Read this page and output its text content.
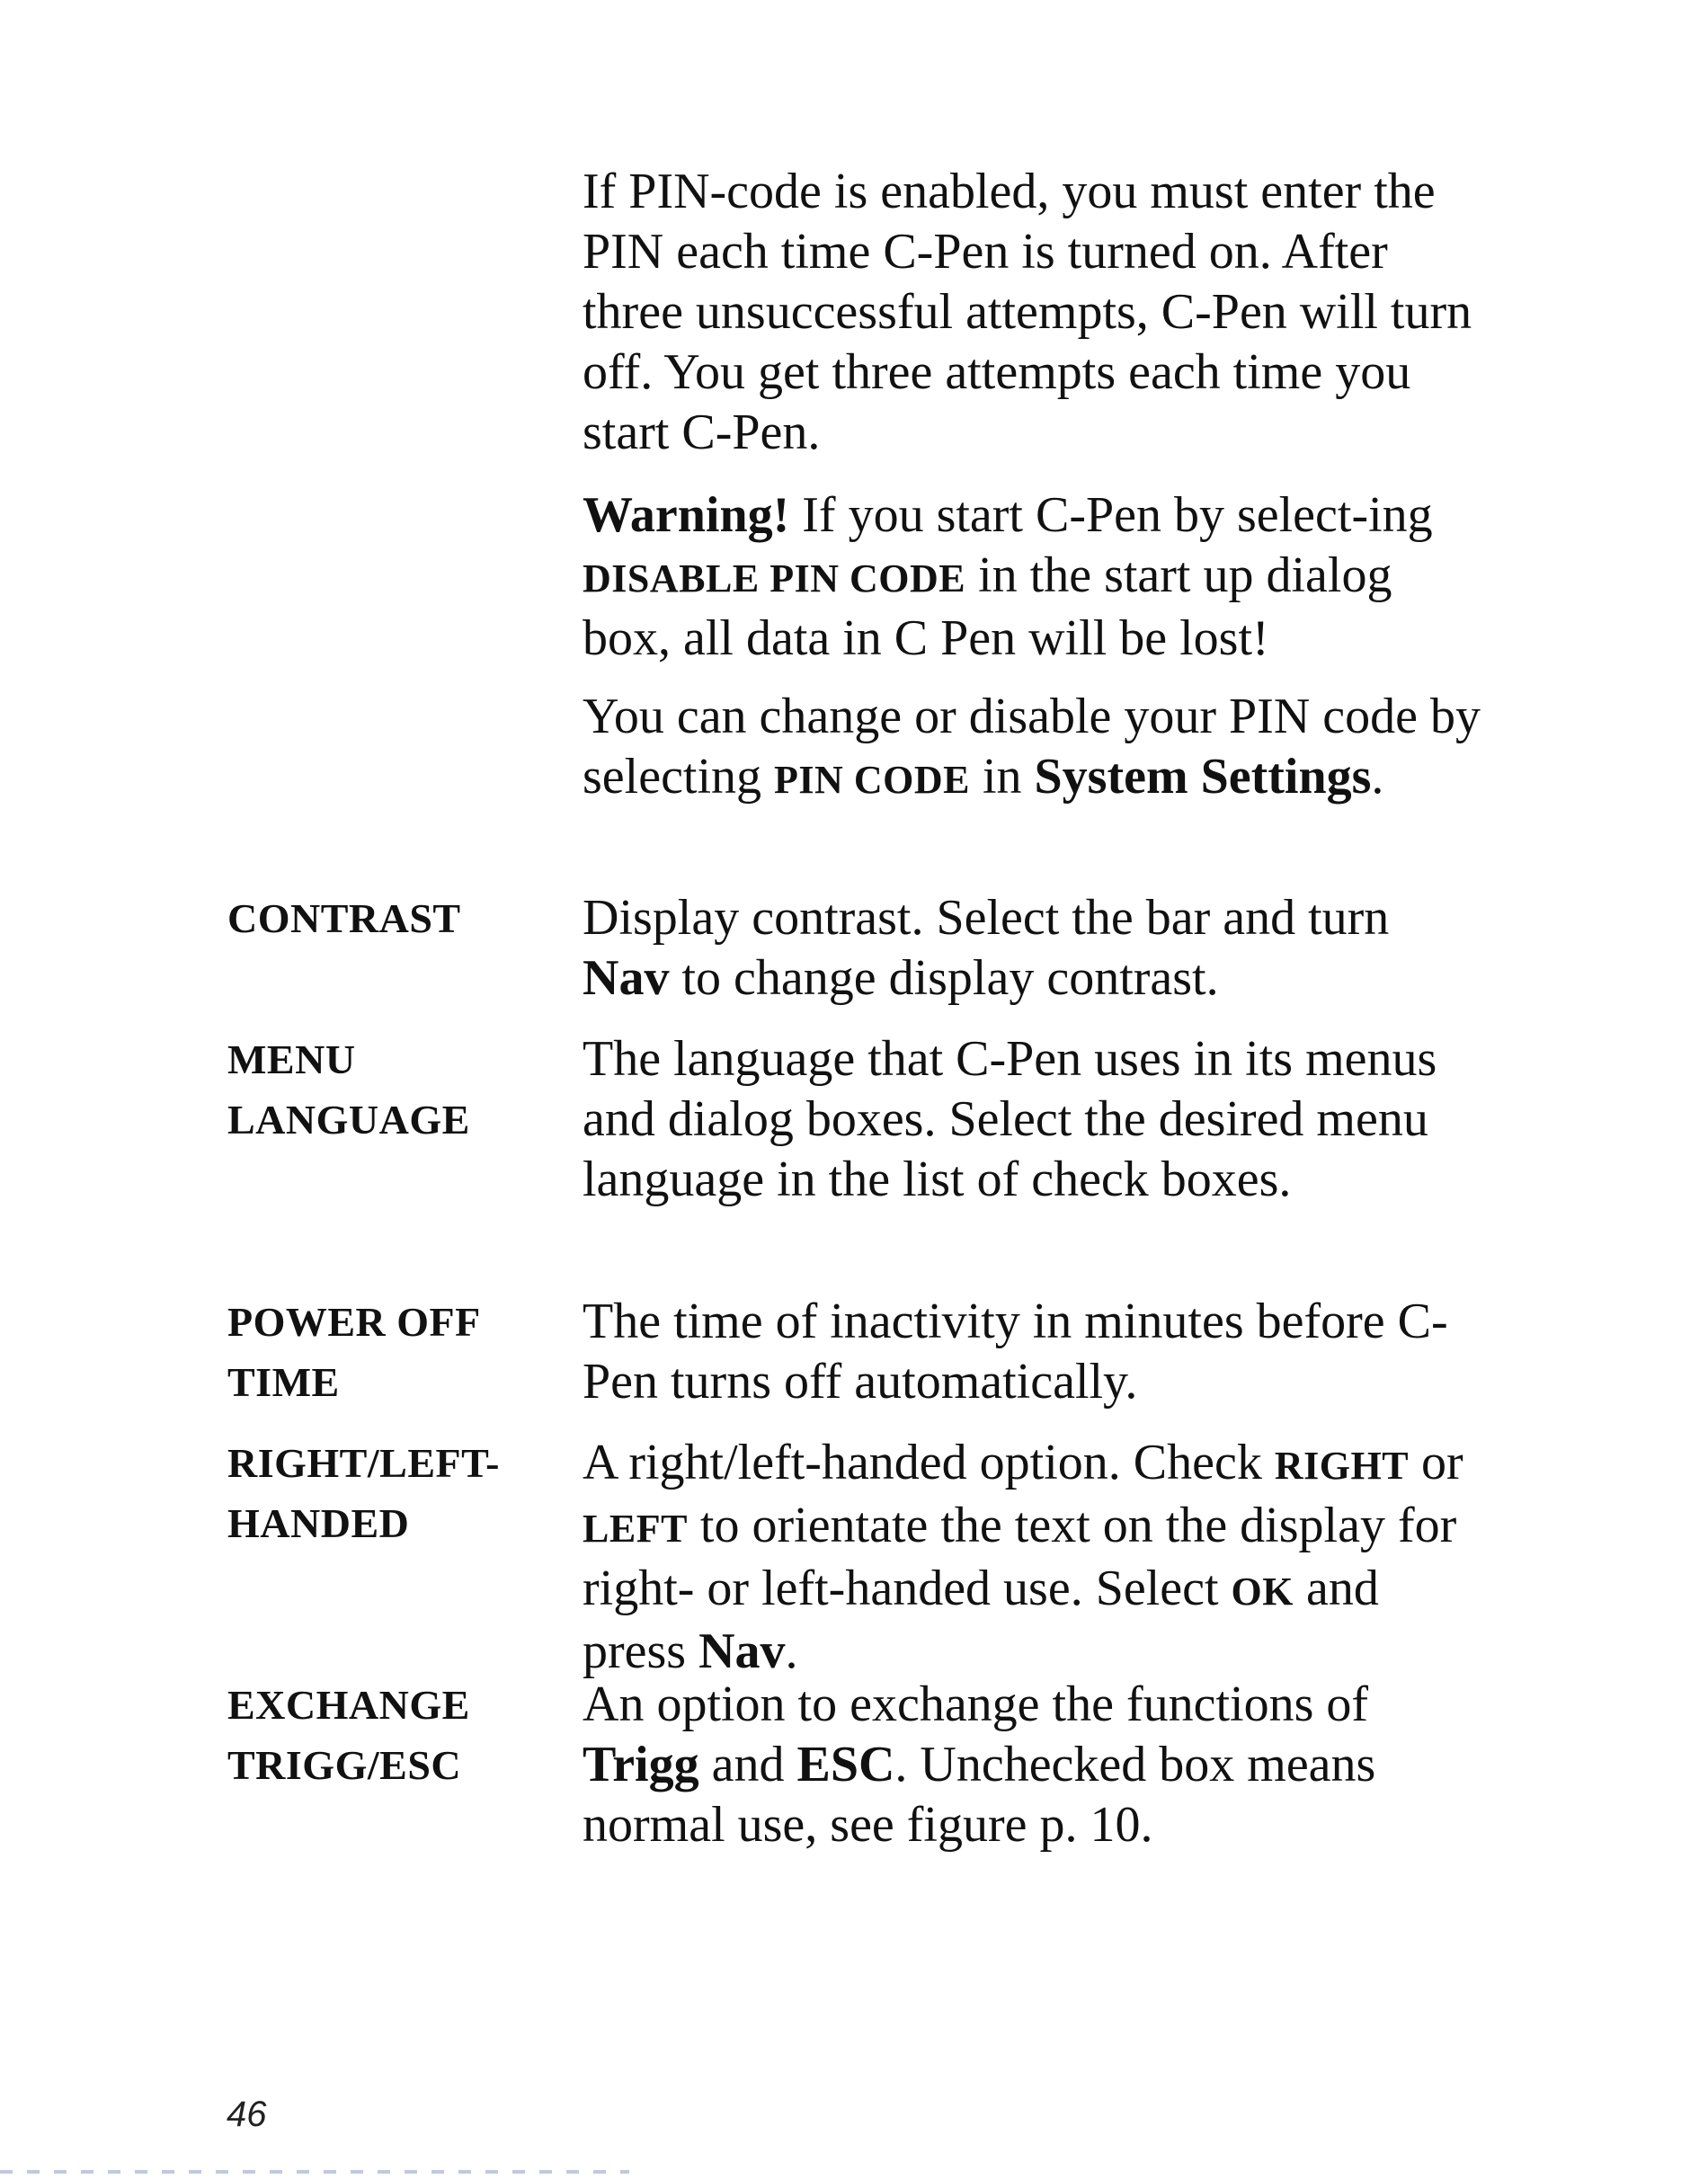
If PIN-code is enabled, you must enter the PIN each time C-Pen is turned on. After three unsuccessful attempts, C-Pen will turn off. You get three attempts each time you start C-Pen.

Warning! If you start C-Pen by select-ing DISABLE PIN CODE in the start up dialog box, all data in C Pen will be lost!

You can change or disable your PIN code by selecting PIN CODE in System Settings.

CONTRAST	Display contrast. Select the bar and turn Nav to change display contrast.

MENU
LANGUAGE

The language that C-Pen uses in its menus and dialog boxes. Select the desired menu language in the list of check boxes.

POWER OFF
TIME

The time of inactivity in minutes before C-Pen turns off automatically.

RIGHT/LEFT-
HANDED

A right/left-handed option. Check RIGHT or LEFT to orientate the text on the display for right- or left-handed use. Select OK and press Nav.

EXCHANGE
TRIGG/ESC

An option to exchange the functions of Trigg and ESC. Unchecked box means normal use, see figure p. 10.

46
